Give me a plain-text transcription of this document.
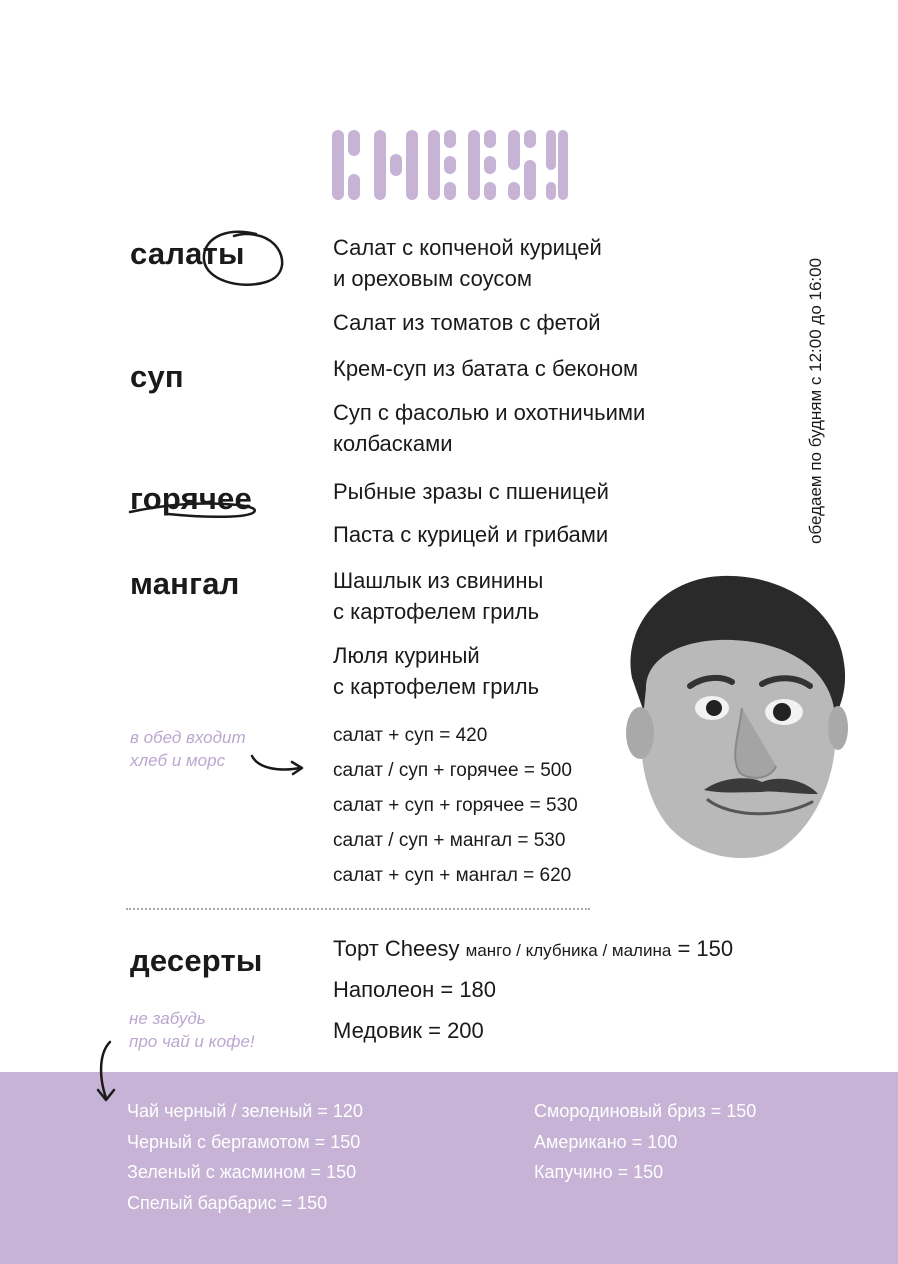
обедаем по будням с 12:00 до 16:00
салаты	Салат с копченой курицей
и ореховым соусом
Салат из томатов с фетой
суп	Крем-суп из батата с беконом
Суп с фасолью и охотничьими
колбасками
горячее	Рыбные зразы с пшеницей
Паста с курицей и грибами
мангал	Шашлык из свинины
с картофелем гриль
Люля куриный
с картофелем гриль
в обед входит
хлеб и морс
салат + суп = 420
салат / суп + горячее = 500
салат + суп + горячее = 530
салат / суп + мангал = 530
салат + суп + мангал = 620
десерты	Торт Cheesy манго / клубника / малина = 150
Наполеон = 180
Медовик = 200
не забудь
про чай и кофе!
Чай черный / зеленый = 120
Черный с бергамотом = 150
Зеленый с жасмином = 150
Спелый барбарис = 150
Смородиновый бриз = 150
Американо = 100
Капучино = 150
